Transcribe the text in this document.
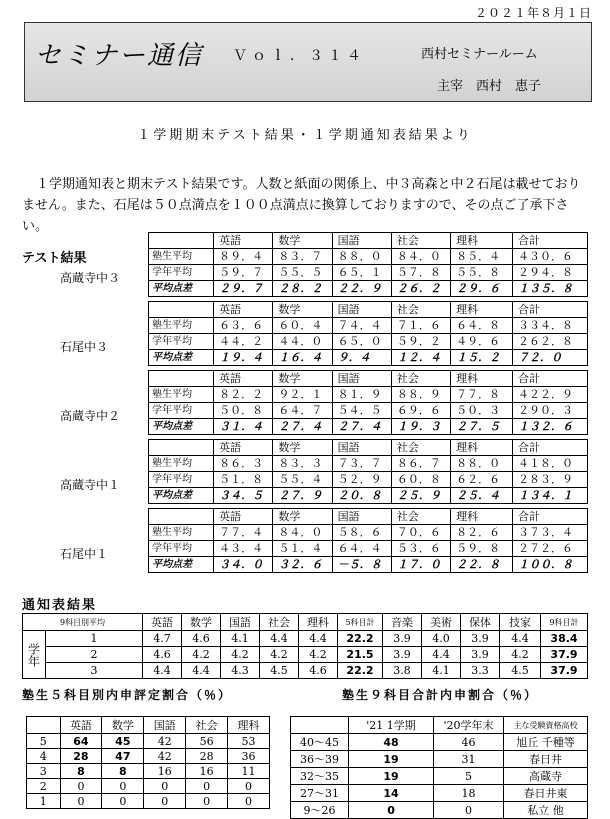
２０２１年８月１日
セミナー通信 Ｖｏｌ．３１４	西村セミナールーム
主宰　西村　恵子
１学期期末テスト結果・１学期通知表結果より
１学期通知表と期末テスト結果です。人数と紙面の関係上、中３高森と中２石尾は載せておりません。また、石尾は５０点満点を１００点満点に換算しておりますので、その点ご了承下さい。
テスト結果
高蔵寺中３
	英語	数学	国語	社会	理科	合計
塾生平均	８９．４	８３．７	８８．０	８４．０	８５．４	４３０．６
学年平均	５９．７	５５．５	６５．１	５７．８	５５．８	２９４．８
平均点差	２９．７	２８．２	２２．９	２６．２	２９．６	１３５．８
石尾中３
	英語	数学	国語	社会	理科	合計
塾生平均	６３．６	６０．４	７４．４	７１．６	６４．８	３３４．８
学年平均	４４．２	４４．０	６５．０	５９．２	４９．６	２６２．８
平均点差	１９．４	１６．４	９．４	１２．４	１５．２	７２．０
高蔵寺中２
	英語	数学	国語	社会	理科	合計
塾生平均	８２．２	９２．１	８１．９	８８．９	７７．８	４２２．９
学年平均	５０．８	６４．７	５４．５	６９．６	５０．３	２９０．３
平均点差	３１．４	２７．４	２７．４	１９．３	２７．５	１３２．６
高蔵寺中１
	英語	数学	国語	社会	理科	合計
塾生平均	８６．３	８３．３	７３．７	８６．７	８８．０	４１８．０
学年平均	５１．８	５５．４	５２．９	６０．８	６２．６	２８３．９
平均点差	３４．５	２７．９	２０．８	２５．９	２５．４	１３４．１
石尾中１
	英語	数学	国語	社会	理科	合計
塾生平均	７７．４	８４．０	５８．６	７０．６	８２．６	３７３．４
学年平均	４３．４	５１．４	６４．４	５３．６	５９．８	２７２．６
平均点差	３４．０	３２．６	－５．８	１７．０	２２．８	１００．８
通知表結果
9科目別平均		英語	数学	国語	社会	理科	5科目計	音楽	美術	保体	技家	9科目計
学年	1	4.7	4.6	4.1	4.4	4.4	22.2	3.9	4.0	3.9	4.4	38.4
	2	4.6	4.2	4.2	4.2	4.2	21.5	3.9	4.4	3.9	4.2	37.9
	3	4.4	4.4	4.3	4.5	4.6	22.2	3.8	4.1	3.3	4.5	37.9
塾生５科目別内申評定割合（％）	塾生９科目合計内申割合（％）
	英語	数学	国語	社会	理科
5	64	45	42	56	53
4	28	47	42	28	36
3	8	8	16	16	11
2	0	0	0	0	0
1	0	0	0	0	0
	'21 1学期	'20学年末	主な受験資格高校
40～45	48	46	旭丘 千種等
36～39	19	31	春日井
32～35	19	5	高蔵寺
27～31	14	18	春日井東
9～26	0	0	私立 他
